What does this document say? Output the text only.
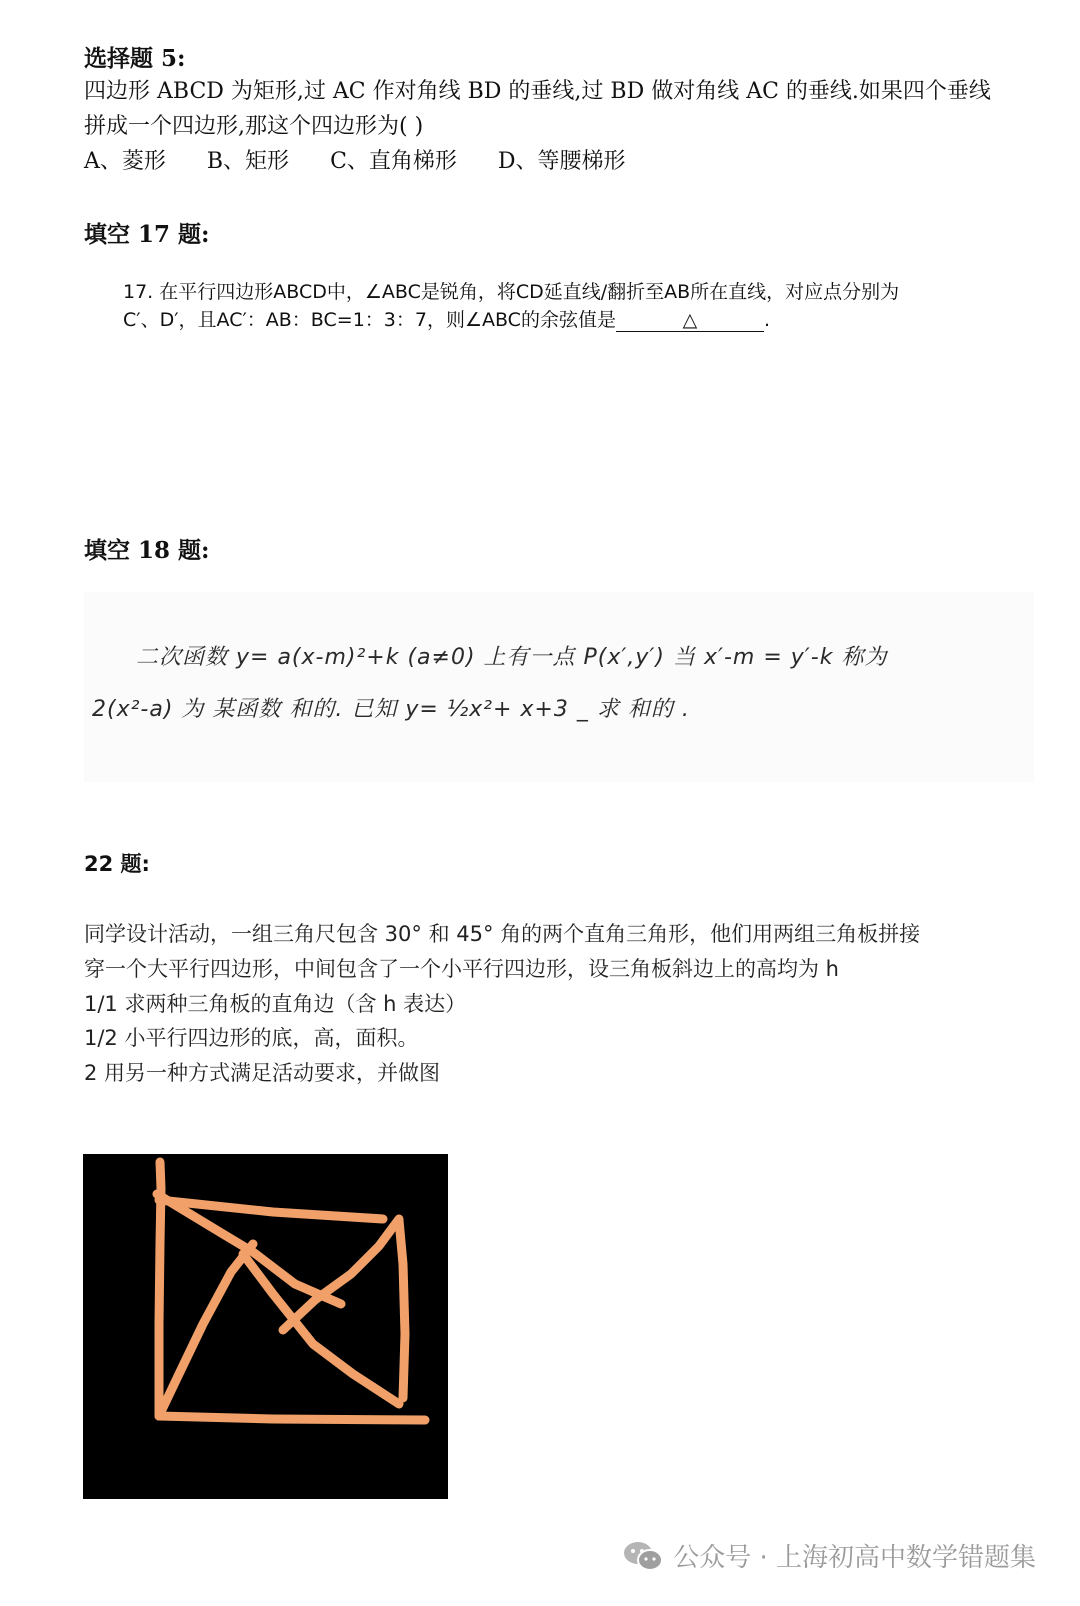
选择题 5:
四边形 ABCD 为矩形,过 AC 作对角线 BD 的垂线,过 BD 做对角线 AC 的垂线.如果四个垂线
拼成一个四边形,那这个四边形为( )
A、菱形 B、矩形 C、直角梯形 D、等腰梯形
填空 17 题:
17. 在平行四边形ABCD中，∠ABC是锐角，将CD延直线/翻折至AB所在直线，对应点分别为
C′、D′，且AC′：AB：BC=1：3：7，则∠ABC的余弦值是	△	.
填空 18 题:
二次函数 y= a(x-m)²+k (a≠0) 上有一点 P(x′,y′) 当 x′-m = y′-k 称为
2(x²-a) 为 某函数 和的. 已知 y= ½x²+ x+3 _ 求 和的 .
22 题:
同学设计活动，一组三角尺包含 30° 和 45° 角的两个直角三角形，他们用两组三角板拼接
穿一个大平行四边形，中间包含了一个小平行四边形，设三角板斜边上的高均为 h
1/1 求两种三角板的直角边（含 h 表达）
1/2 小平行四边形的底，高，面积。
2 用另一种方式满足活动要求，并做图
公众号 · 上海初高中数学错题集
